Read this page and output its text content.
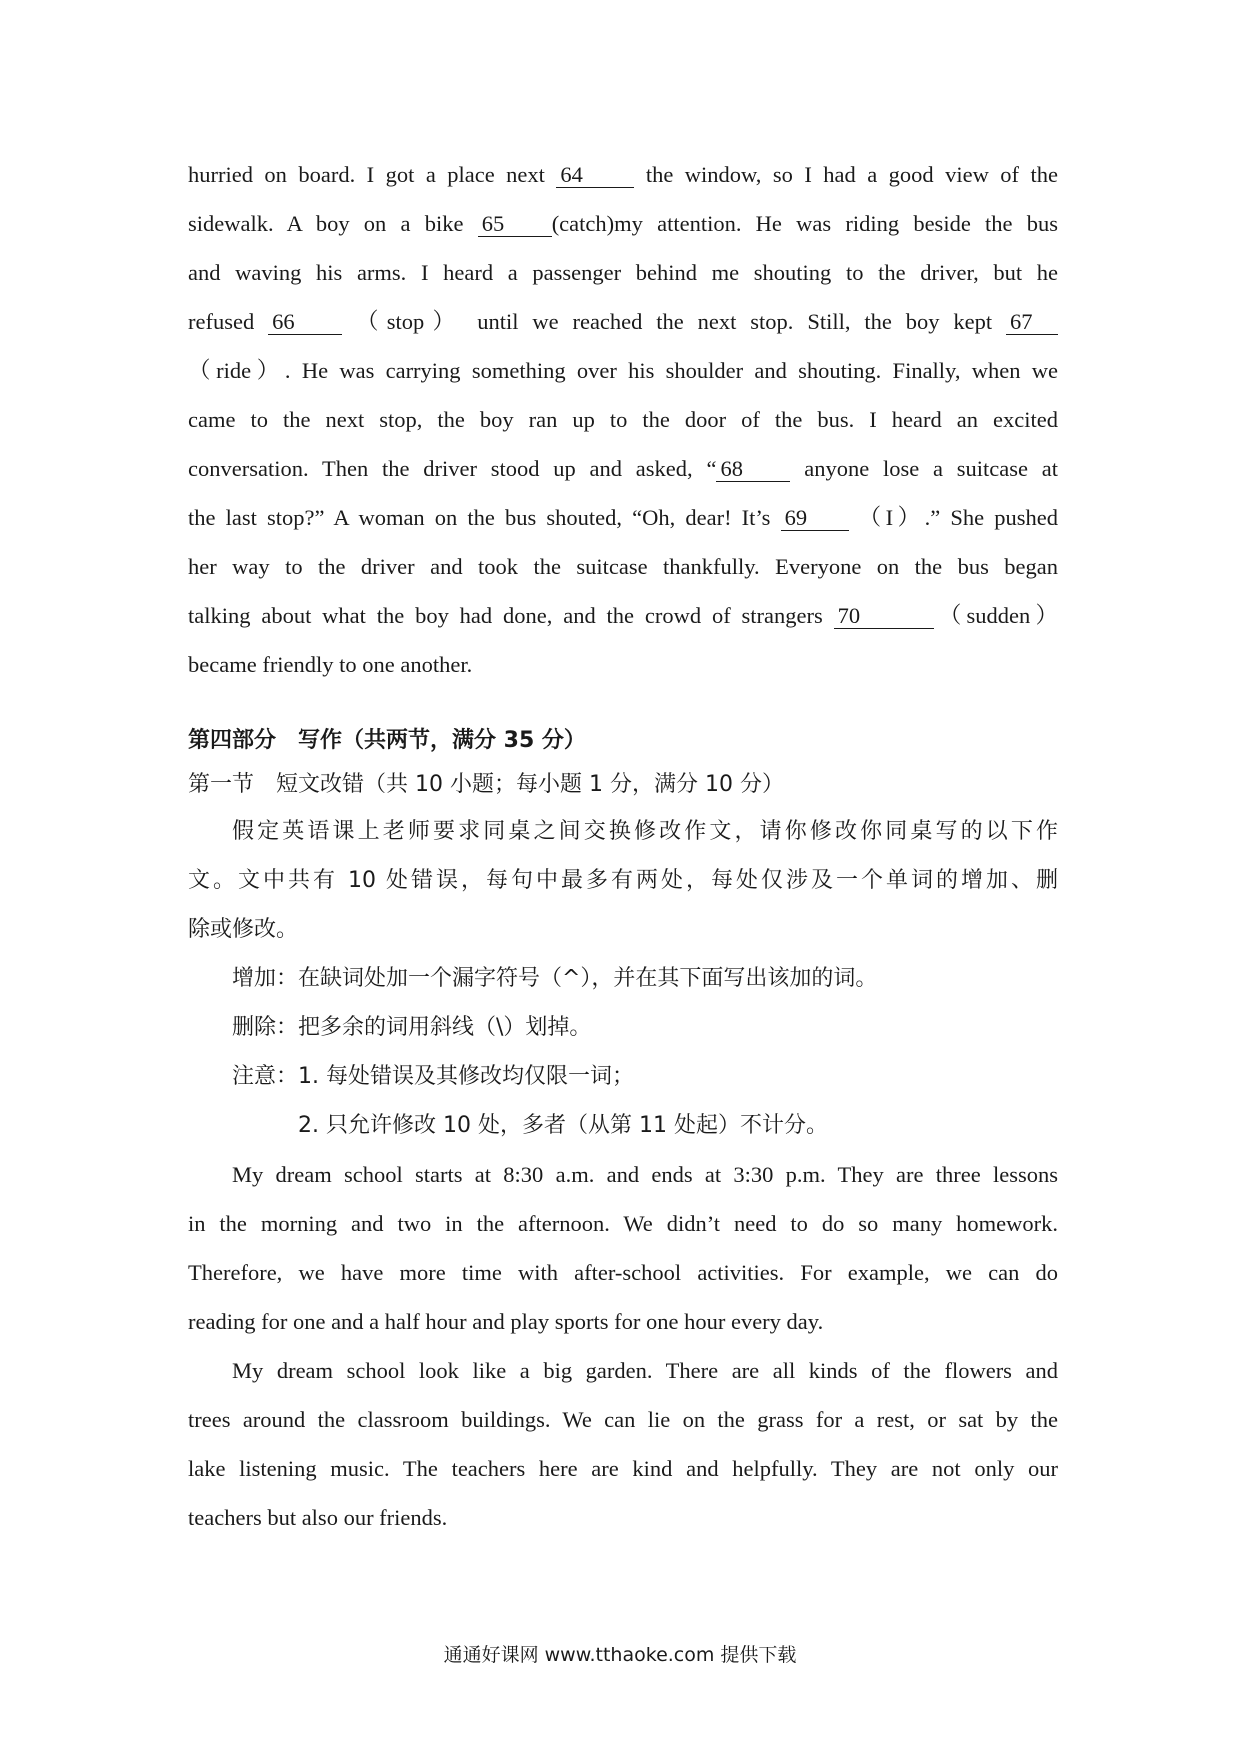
hurried on board. I got a place next 64 the window, so I had a good view of the
sidewalk. A boy on a bike 65 (catch)my attention. He was riding beside the bus
and waving his arms. I heard a passenger behind me shouting to the driver, but he
refused 66 （stop） until we reached the next stop. Still, the boy kept 67
（ride）. He was carrying something over his shoulder and shouting. Finally, when we
came to the next stop, the boy ran up to the door of the bus. I heard an excited
conversation. Then the driver stood up and asked, “ 68 anyone lose a suitcase at
the last stop?” A woman on the bus shouted, “Oh, dear! It’s 69 （I）.” She pushed
her way to the driver and took the suitcase thankfully. Everyone on the bus began
talking about what the boy had done, and the crowd of strangers 70	（sudden）
became friendly to one another.
第四部分　写作（共两节，满分 35 分）
第一节　短文改错（共 10 小题；每小题 1 分，满分 10 分）
假定英语课上老师要求同桌之间交换修改作文，请你修改你同桌写的以下作
文。文中共有 10 处错误，每句中最多有两处，每处仅涉及一个单词的增加、删
除或修改。
增加：在缺词处加一个漏字符号（^），并在其下面写出该加的词。
删除：把多余的词用斜线（\）划掉。
注意：1. 每处错误及其修改均仅限一词；
2. 只允许修改 10 处，多者（从第 11 处起）不计分。
My dream school starts at 8:30 a.m. and ends at 3:30 p.m. They are three lessons
in the morning and two in the afternoon. We didn’t need to do so many homework.
Therefore, we have more time with after-school activities. For example, we can do
reading for one and a half hour and play sports for one hour every day.
My dream school look like a big garden. There are all kinds of the flowers and
trees around the classroom buildings. We can lie on the grass for a rest, or sat by the
lake listening music. The teachers here are kind and helpfully. They are not only our
teachers but also our friends.
通通好课网 www.tthaoke.com 提供下载
